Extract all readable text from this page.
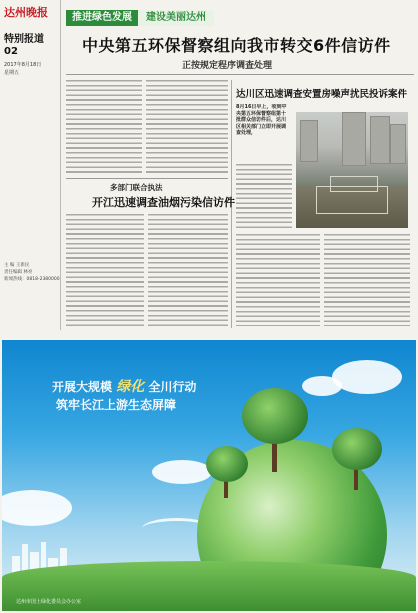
达州晚报
特别报道
02
2017年8月18日
星期五
主 编 王新民
责任编辑 林亮
新闻热线：0818-2380000
推进绿色发展	建设美丽达州
中央第五环保督察组向我市转交6件信访件
正按规定程序调查处理
达川区迅速调查安置房噪声扰民投诉案件
8月16日早上，收到中央第五环保督察组第十批群众信访件后，达川区相关部门立即开展调查处理，
多部门联合执法
开江迅速调查油烟污染信访件
开展大规模 绿化 全川行动
筑牢长江上游生态屏障
达州市国土绿化委员会办公室
